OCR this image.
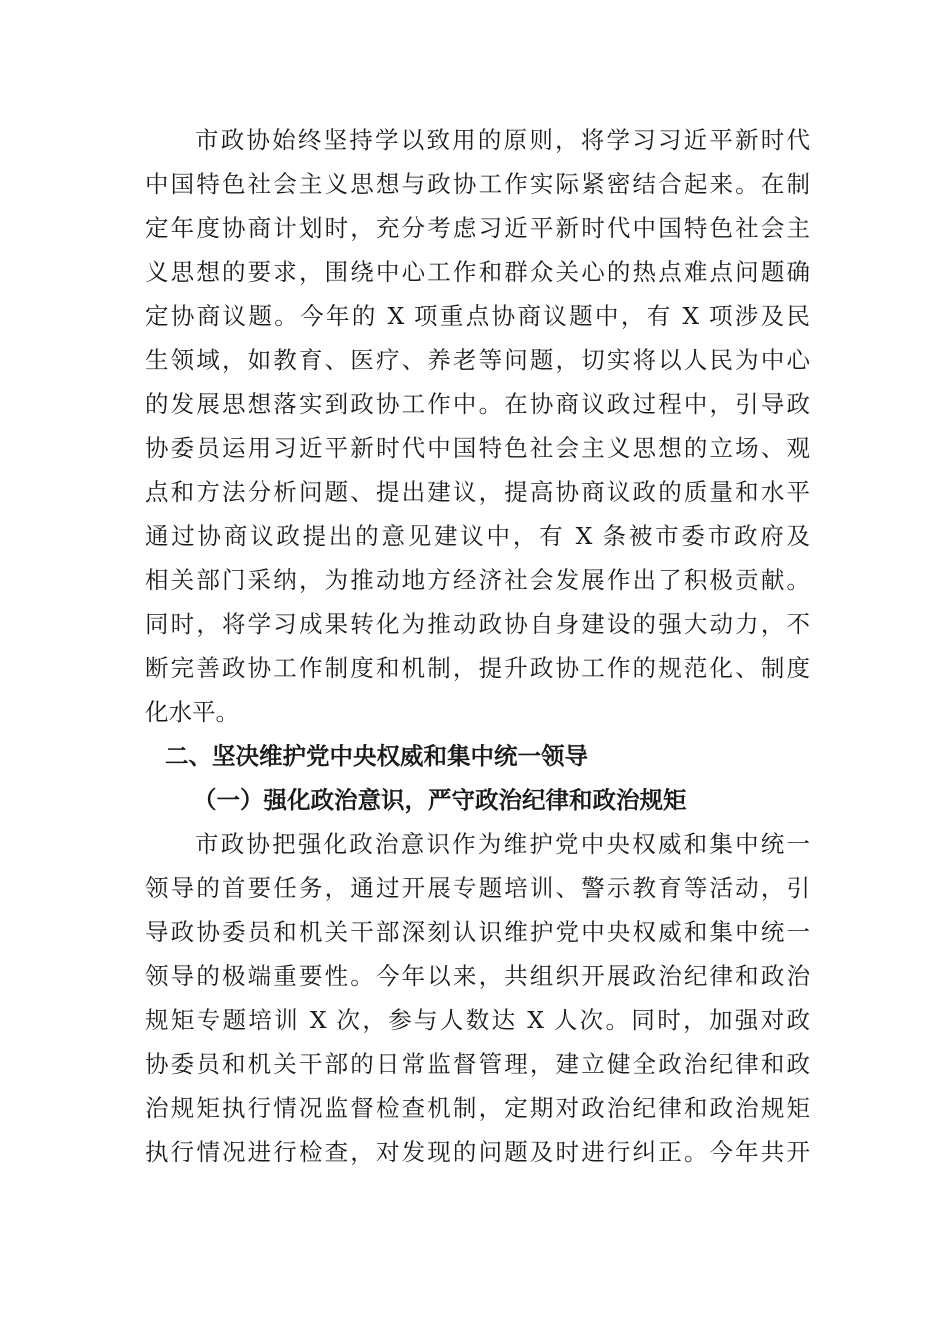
市政协始终坚持学以致用的原则，将学习习近平新时代
中国特色社会主义思想与政协工作实际紧密结合起来。在制
定年度协商计划时，充分考虑习近平新时代中国特色社会主
义思想的要求，围绕中心工作和群众关心的热点难点问题确
定协商议题。今年的 X 项重点协商议题中，有 X 项涉及民
生领域，如教育、医疗、养老等问题，切实将以人民为中心
的发展思想落实到政协工作中。在协商议政过程中，引导政
协委员运用习近平新时代中国特色社会主义思想的立场、观
点和方法分析问题、提出建议，提高协商议政的质量和水平
通过协商议政提出的意见建议中，有 X 条被市委市政府及
相关部门采纳，为推动地方经济社会发展作出了积极贡献。
同时，将学习成果转化为推动政协自身建设的强大动力，不
断完善政协工作制度和机制，提升政协工作的规范化、制度
化水平。
二、坚决维护党中央权威和集中统一领导
（一）强化政治意识，严守政治纪律和政治规矩
市政协把强化政治意识作为维护党中央权威和集中统一
领导的首要任务，通过开展专题培训、警示教育等活动，引
导政协委员和机关干部深刻认识维护党中央权威和集中统一
领导的极端重要性。今年以来，共组织开展政治纪律和政治
规矩专题培训 X 次，参与人数达 X 人次。同时，加强对政
协委员和机关干部的日常监督管理，建立健全政治纪律和政
治规矩执行情况监督检查机制，定期对政治纪律和政治规矩
执行情况进行检查，对发现的问题及时进行纠正。今年共开
